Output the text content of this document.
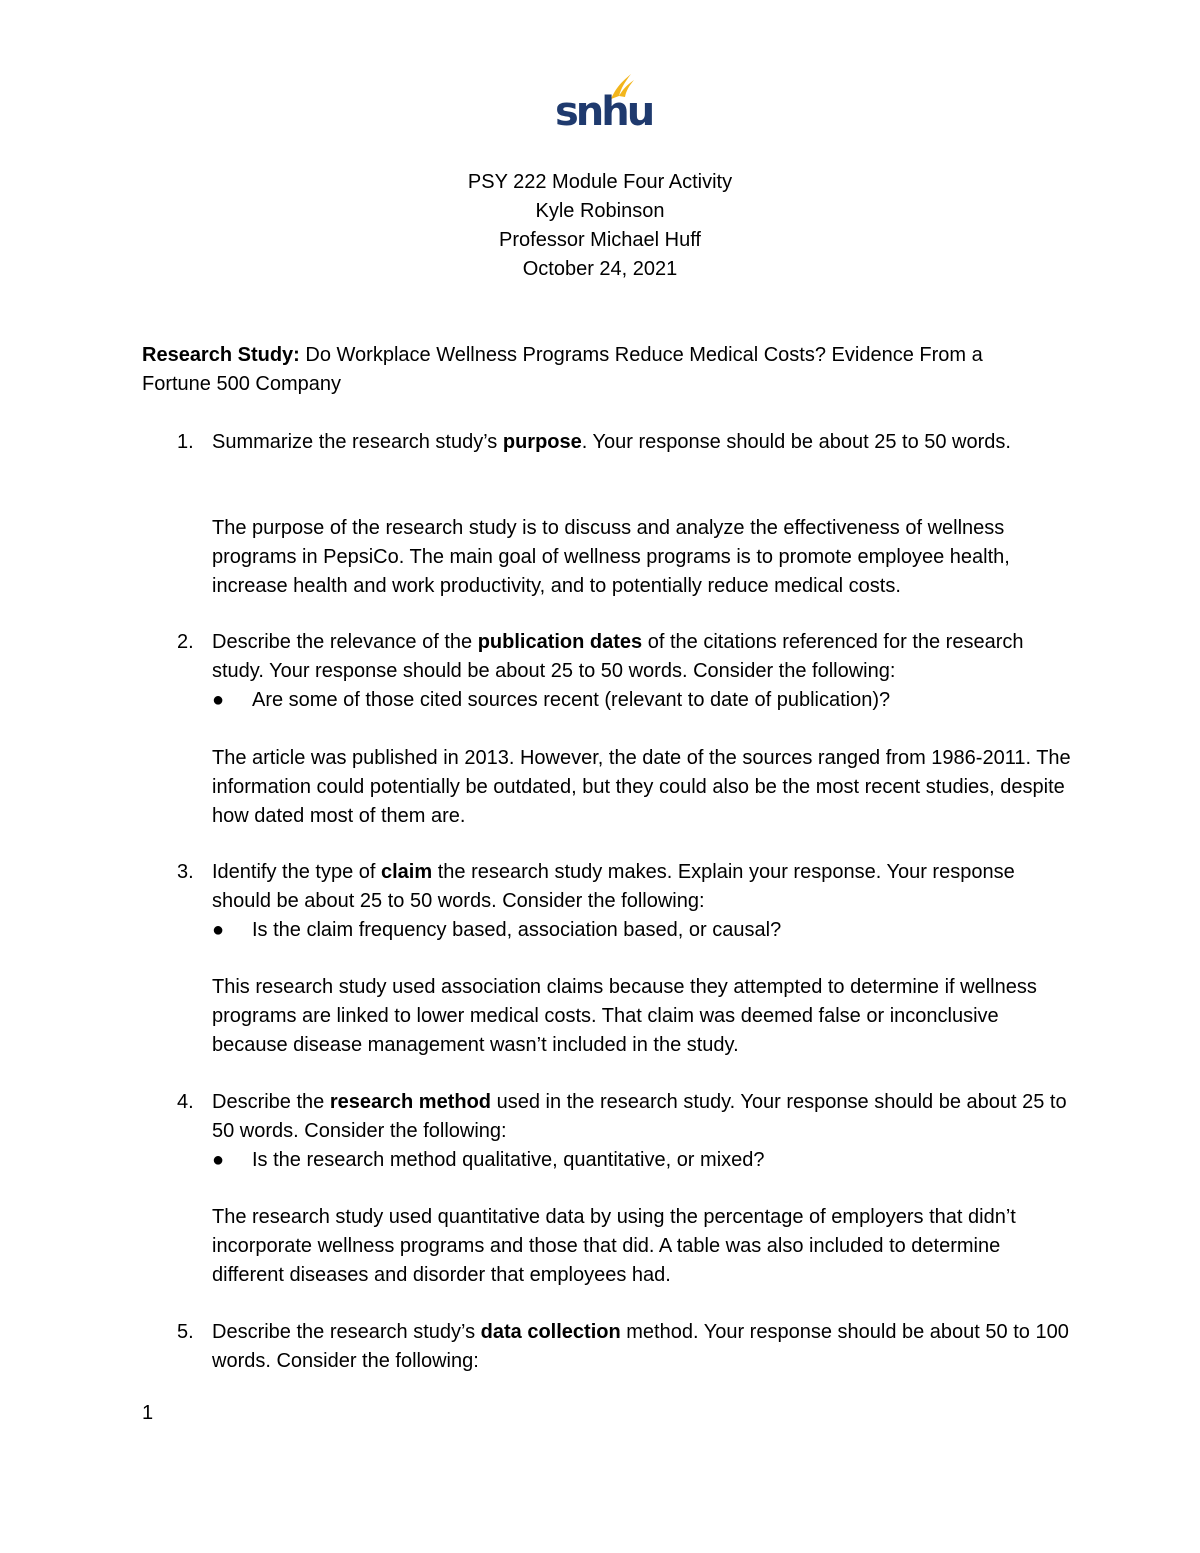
snhu
PSY 222 Module Four Activity
Kyle Robinson
Professor Michael Huff
October 24, 2021
Research Study: Do Workplace Wellness Programs Reduce Medical Costs? Evidence From a Fortune 500 Company
1. Summarize the research study’s purpose. Your response should be about 25 to 50 words.
The purpose of the research study is to discuss and analyze the effectiveness of wellness programs in PepsiCo. The main goal of wellness programs is to promote employee health, increase health and work productivity, and to potentially reduce medical costs.
2. Describe the relevance of the publication dates of the citations referenced for the research study. Your response should be about 25 to 50 words. Consider the following:
● Are some of those cited sources recent (relevant to date of publication)?
The article was published in 2013. However, the date of the sources ranged from 1986-2011. The information could potentially be outdated, but they could also be the most recent studies, despite how dated most of them are.
3. Identify the type of claim the research study makes. Explain your response. Your response should be about 25 to 50 words. Consider the following:
● Is the claim frequency based, association based, or causal?
This research study used association claims because they attempted to determine if wellness programs are linked to lower medical costs. That claim was deemed false or inconclusive because disease management wasn’t included in the study.
4. Describe the research method used in the research study. Your response should be about 25 to 50 words. Consider the following:
● Is the research method qualitative, quantitative, or mixed?
The research study used quantitative data by using the percentage of employers that didn’t incorporate wellness programs and those that did. A table was also included to determine different diseases and disorder that employees had.
5. Describe the research study’s data collection method. Your response should be about 50 to 100 words. Consider the following:
1
